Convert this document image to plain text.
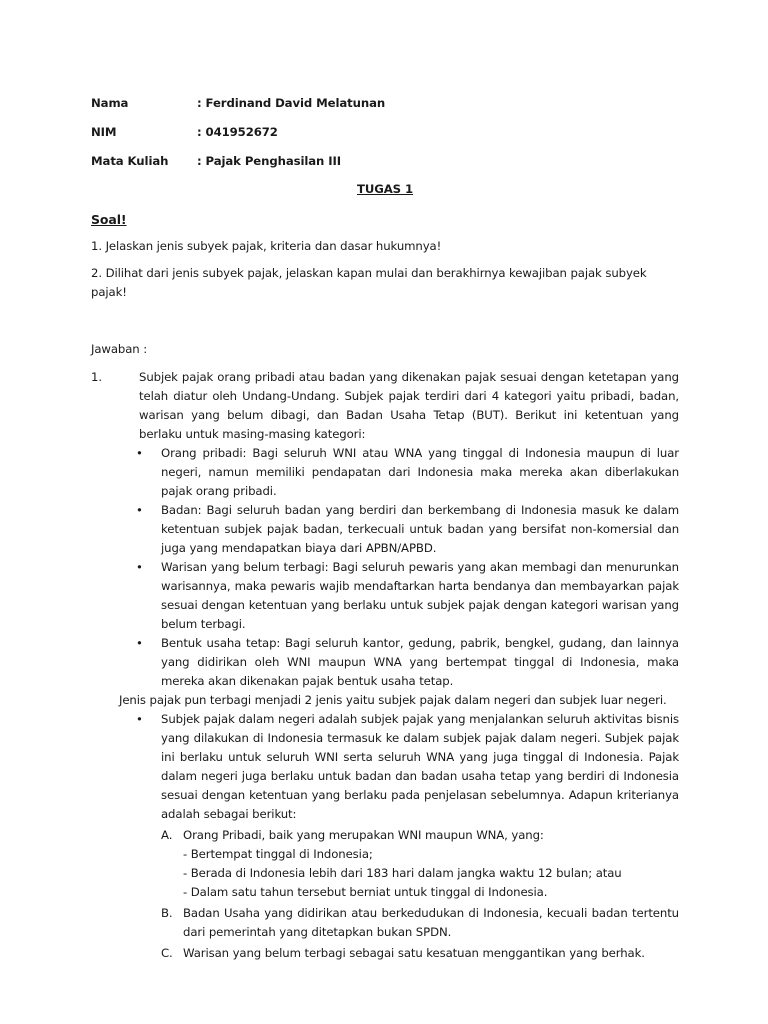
Nama	: Ferdinand David Melatunan
NIM	: 041952672
Mata Kuliah	: Pajak Penghasilan III
TUGAS 1
Soal!
1. Jelaskan jenis subyek pajak, kriteria dan dasar hukumnya!
2. Dilihat dari jenis subyek pajak, jelaskan kapan mulai dan berakhirnya kewajiban pajak subyek pajak!
Jawaban :
1.	Subjek pajak orang pribadi atau badan yang dikenakan pajak sesuai dengan ketetapan yang telah diatur oleh Undang-Undang. Subjek pajak terdiri dari 4 kategori yaitu pribadi, badan, warisan yang belum dibagi, dan Badan Usaha Tetap (BUT). Berikut ini ketentuan yang berlaku untuk masing-masing kategori:
•	Orang pribadi: Bagi seluruh WNI atau WNA yang tinggal di Indonesia maupun di luar negeri, namun memiliki pendapatan dari Indonesia maka mereka akan diberlakukan pajak orang pribadi.
•	Badan: Bagi seluruh badan yang berdiri dan berkembang di Indonesia masuk ke dalam ketentuan subjek pajak badan, terkecuali untuk badan yang bersifat non-komersial dan juga yang mendapatkan biaya dari APBN/APBD.
•	Warisan yang belum terbagi: Bagi seluruh pewaris yang akan membagi dan menurunkan warisannya, maka pewaris wajib mendaftarkan harta bendanya dan membayarkan pajak sesuai dengan ketentuan yang berlaku untuk subjek pajak dengan kategori warisan yang belum terbagi.
•	Bentuk usaha tetap: Bagi seluruh kantor, gedung, pabrik, bengkel, gudang, dan lainnya yang didirikan oleh WNI maupun WNA yang bertempat tinggal di Indonesia, maka mereka akan dikenakan pajak bentuk usaha tetap.
Jenis pajak pun terbagi menjadi 2 jenis yaitu subjek pajak dalam negeri dan subjek luar negeri.
•	Subjek pajak dalam negeri adalah subjek pajak yang menjalankan seluruh aktivitas bisnis yang dilakukan di Indonesia termasuk ke dalam subjek pajak dalam negeri. Subjek pajak ini berlaku untuk seluruh WNI serta seluruh WNA yang juga tinggal di Indonesia. Pajak dalam negeri juga berlaku untuk badan dan badan usaha tetap yang berdiri di Indonesia sesuai dengan ketentuan yang berlaku pada penjelasan sebelumnya. Adapun kriterianya adalah sebagai berikut:
A. Orang Pribadi, baik yang merupakan WNI maupun WNA, yang:
- Bertempat tinggal di Indonesia;
- Berada di Indonesia lebih dari 183 hari dalam jangka waktu 12 bulan; atau
- Dalam satu tahun tersebut berniat untuk tinggal di Indonesia.
B. Badan Usaha yang didirikan atau berkedudukan di Indonesia, kecuali badan tertentu dari pemerintah yang ditetapkan bukan SPDN.
C. Warisan yang belum terbagi sebagai satu kesatuan menggantikan yang berhak.
